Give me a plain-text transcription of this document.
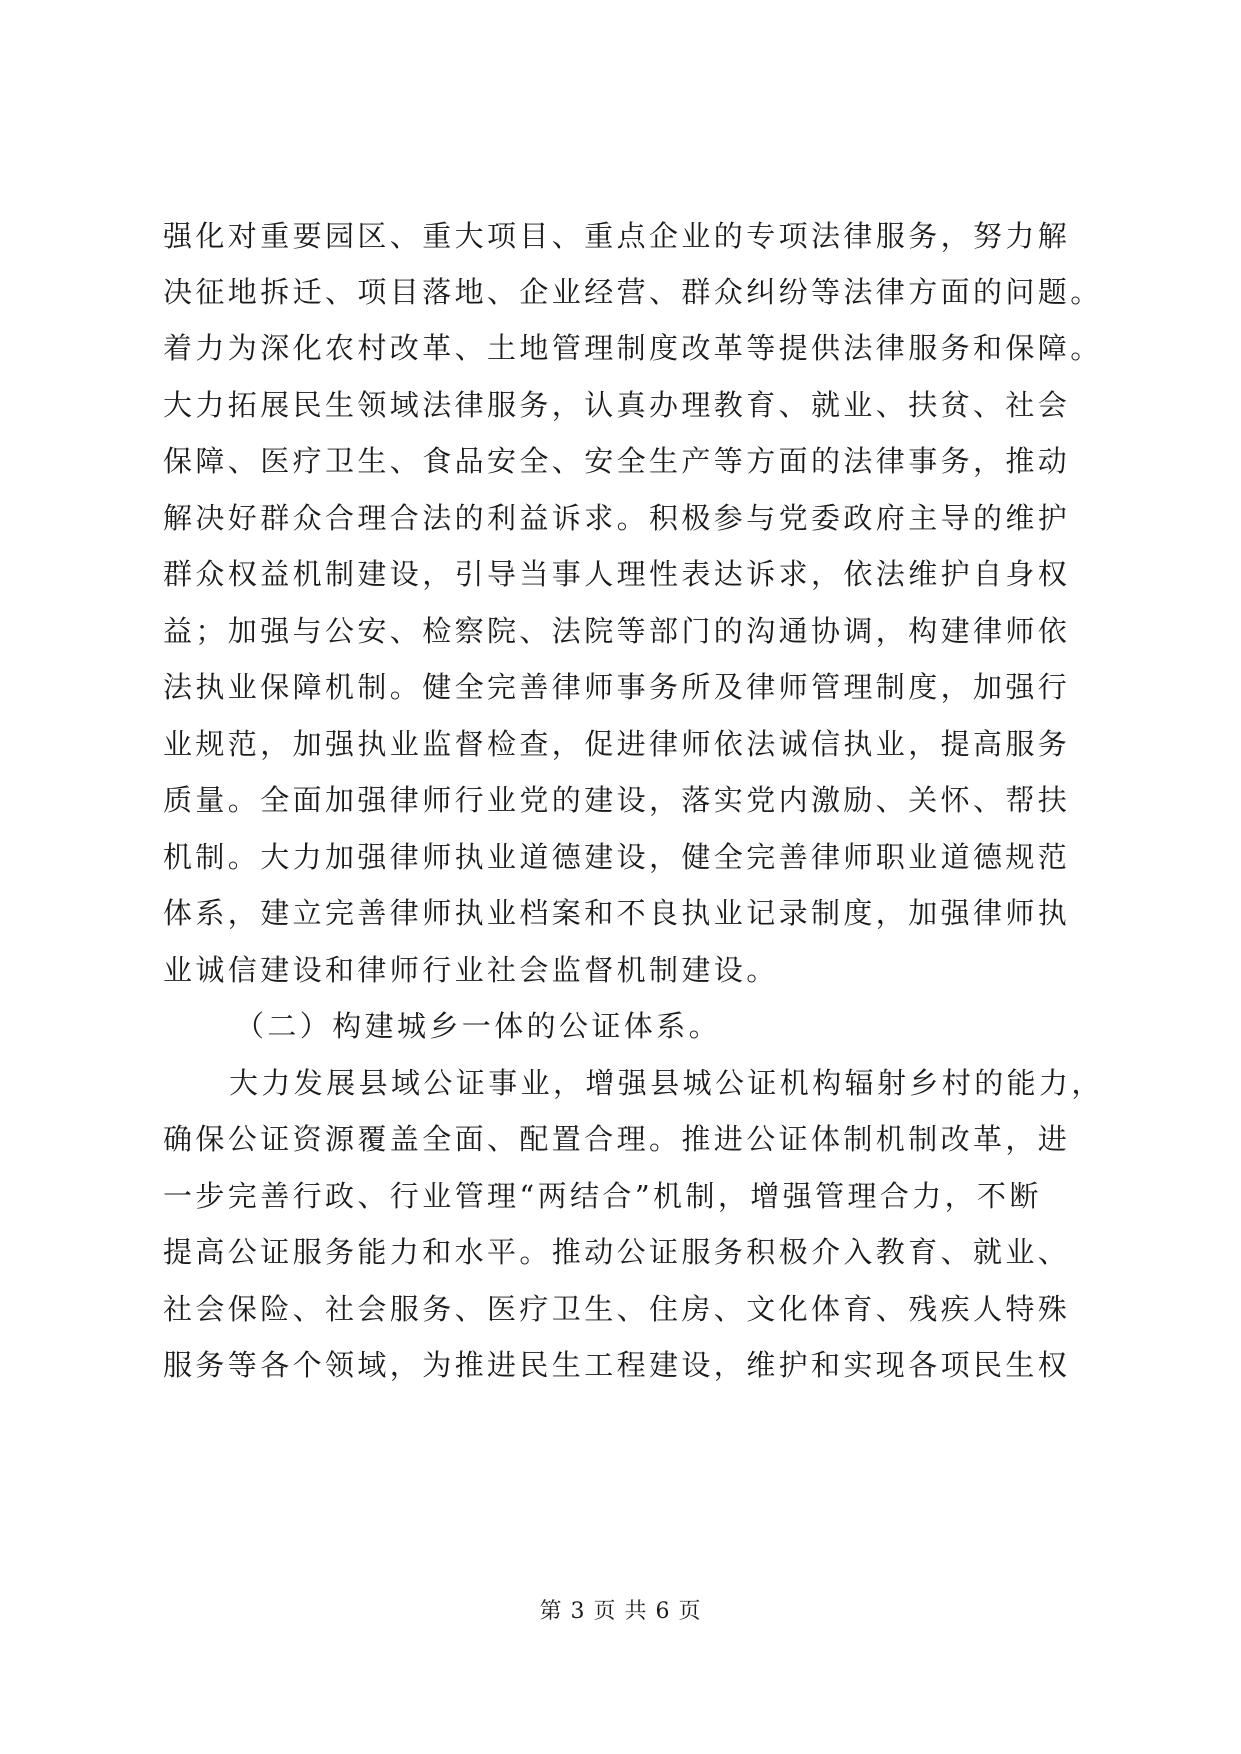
强化对重要园区、重大项目、重点企业的专项法律服务，努力解
决征地拆迁、项目落地、企业经营、群众纠纷等法律方面的问题。
着力为深化农村改革、土地管理制度改革等提供法律服务和保障。
大力拓展民生领域法律服务，认真办理教育、就业、扶贫、社会
保障、医疗卫生、食品安全、安全生产等方面的法律事务，推动
解决好群众合理合法的利益诉求。积极参与党委政府主导的维护
群众权益机制建设，引导当事人理性表达诉求，依法维护自身权
益；加强与公安、检察院、法院等部门的沟通协调，构建律师依
法执业保障机制。健全完善律师事务所及律师管理制度，加强行
业规范，加强执业监督检查，促进律师依法诚信执业，提高服务
质量。全面加强律师行业党的建设，落实党内激励、关怀、帮扶
机制。大力加强律师执业道德建设，健全完善律师职业道德规范
体系，建立完善律师执业档案和不良执业记录制度，加强律师执
业诚信建设和律师行业社会监督机制建设。
（二）构建城乡一体的公证体系。
大力发展县域公证事业，增强县城公证机构辐射乡村的能力，
确保公证资源覆盖全面、配置合理。推进公证体制机制改革，进
一步完善行政、行业管理“两结合”机制，增强管理合力，不断
提高公证服务能力和水平。推动公证服务积极介入教育、就业、
社会保险、社会服务、医疗卫生、住房、文化体育、残疾人特殊
服务等各个领域，为推进民生工程建设，维护和实现各项民生权
第 3 页 共 6 页
